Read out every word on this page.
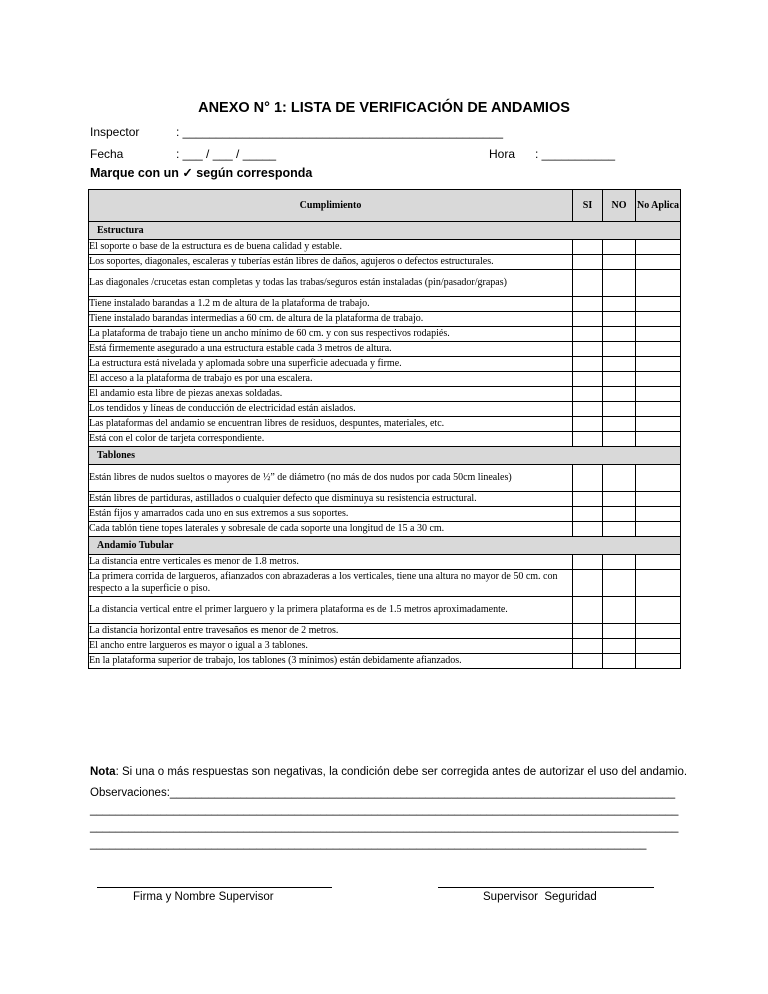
ANEXO N° 1: LISTA DE VERIFICACIÓN DE ANDAMIOS
Inspector	: ________________________________________________
Fecha	: ___ / ___ / _____	Hora : ___________
Marque con un ✓ según corresponda
Cumplimiento	SI	NO	No Aplica
Estructura			
El soporte o base de la estructura es de buena calidad y estable.			
Los soportes, diagonales, escaleras y tuberías están libres de daños, agujeros o defectos estructurales.			
Las diagonales /crucetas estan completas y todas las trabas/seguros están instaladas (pin/pasador/grapas)			
Tiene instalado barandas a 1.2 m de altura de la plataforma de trabajo.			
Tiene instalado barandas intermedias a 60 cm. de altura de la plataforma de trabajo.			
La plataforma de trabajo tiene un ancho mínimo de 60 cm. y con sus respectivos rodapiés.			
Está firmemente asegurado a una estructura estable cada 3 metros de altura.			
La estructura está nivelada y aplomada sobre una superficie adecuada y firme.			
El acceso a la plataforma de trabajo es por una escalera.			
El andamio esta libre de piezas anexas soldadas.			
Los tendidos y líneas de conducción de electricidad están aislados.			
Las plataformas del andamio se encuentran libres de residuos, despuntes, materiales, etc.			
Está con el color de tarjeta correspondiente.			
Tablones			
Están libres de nudos sueltos o mayores de ½” de diámetro (no más de dos nudos por cada 50cm lineales)			
Están libres de partiduras, astillados o cualquier defecto que disminuya su resistencia estructural.			
Están fijos y amarrados cada uno en sus extremos a sus soportes.			
Cada tablón tiene topes laterales y sobresale de cada soporte una longitud de 15 a 30 cm.			
Andamio Tubular			
La distancia entre verticales es menor de 1.8 metros.			
La primera corrida de largueros, afianzados con abrazaderas a los verticales, tiene una altura no mayor de 50 cm. con respecto a la superficie o piso.			
La distancia vertical entre el primer larguero y la primera plataforma es de 1.5 metros aproximadamente.			
La distancia horizontal entre travesaños es menor de 2 metros.			
El ancho entre largueros es mayor o igual a 3 tablones.			
En la plataforma superior de trabajo, los tablones (3 mínimos) están debidamente afianzados.			
Nota: Si una o más respuestas son negativas, la condición debe ser corregida antes de autorizar el uso del andamio.
Observaciones:______________________________________________________________________________________________________________________________________________________________________________________________________________________________________________________________________________________________________________________________________________________________
Firma y Nombre Supervisor	Supervisor  Seguridad
